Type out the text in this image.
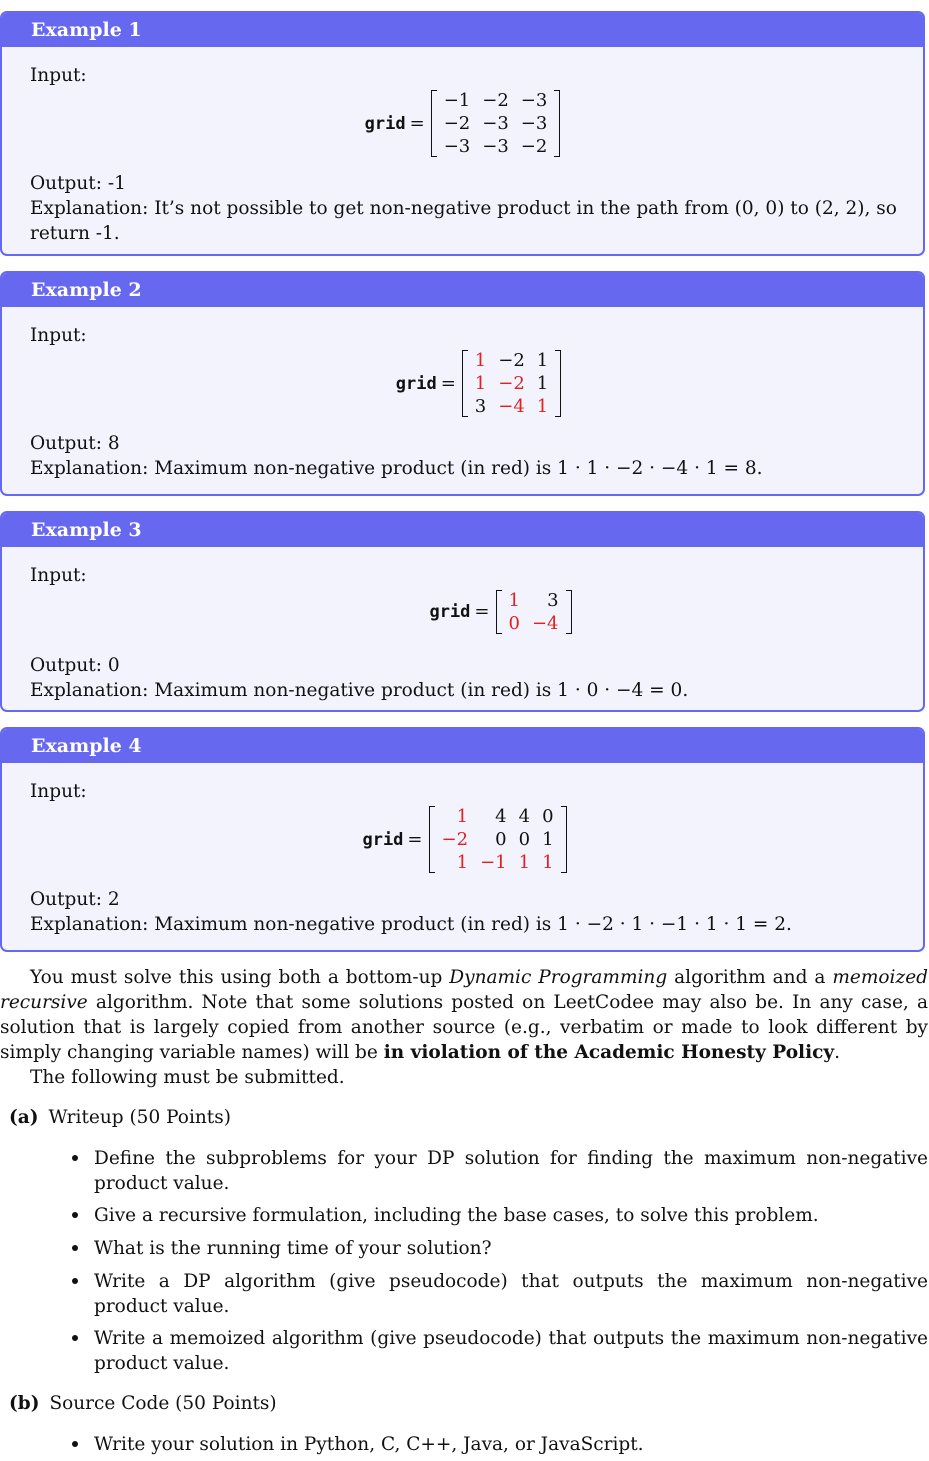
Example 1
Input:
grid =
−1	−2	−3
−2	−3	−3
−3	−3	−2
Output: -1
Explanation: It’s not possible to get non-negative product in the path from (0, 0) to (2, 2), so return -1.
Example 2
Input:
grid =
1	−2	1
1	−2	1
3	−4	1
Output: 8
Explanation: Maximum non-negative product (in red) is 1 · 1 · −2 · −4 · 1 = 8.
Example 3
Input:
grid =
1	3
0	−4
Output: 0
Explanation: Maximum non-negative product (in red) is 1 · 0 · −4 = 0.
Example 4
Input:
grid =
1	4	4	0
−2	0	0	1
1	−1	1	1
Output: 2
Explanation: Maximum non-negative product (in red) is 1 · −2 · 1 · −1 · 1 · 1 = 2.
You must solve this using both a bottom-up Dynamic Programming algorithm and a memoized recursive algorithm. Note that some solutions posted on LeetCodee may also be. In any case, a solution that is largely copied from another source (e.g., verbatim or made to look different by simply changing variable names) will be in violation of the Academic Honesty Policy.
The following must be submitted.
(a) Writeup (50 Points)
Define the subproblems for your DP solution for finding the maximum non-negative product value.
Give a recursive formulation, including the base cases, to solve this problem.
What is the running time of your solution?
Write a DP algorithm (give pseudocode) that outputs the maximum non-negative product value.
Write a memoized algorithm (give pseudocode) that outputs the maximum non-negative product value.
(b) Source Code (50 Points)
Write your solution in Python, C, C++, Java, or JavaScript.
